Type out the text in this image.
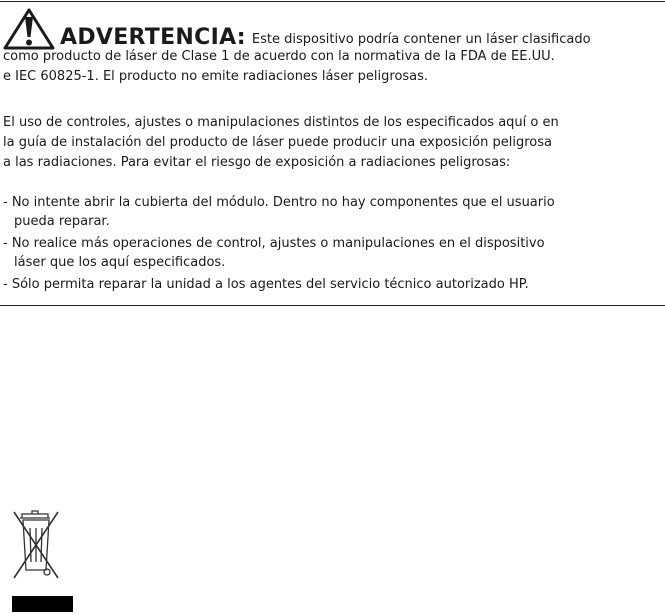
ADVERTENCIA: Este dispositivo podría contener un láser clasificado
como producto de láser de Clase 1 de acuerdo con la normativa de la FDA de EE.UU.
e IEC 60825-1. El producto no emite radiaciones láser peligrosas.
El uso de controles, ajustes o manipulaciones distintos de los especificados aquí o en
la guía de instalación del producto de láser puede producir una exposición peligrosa
a las radiaciones. Para evitar el riesgo de exposición a radiaciones peligrosas:
- No intente abrir la cubierta del módulo. Dentro no hay componentes que el usuario
pueda reparar.
- No realice más operaciones de control, ajustes o manipulaciones en el dispositivo
láser que los aquí especificados.
- Sólo permita reparar la unidad a los agentes del servicio técnico autorizado HP.
